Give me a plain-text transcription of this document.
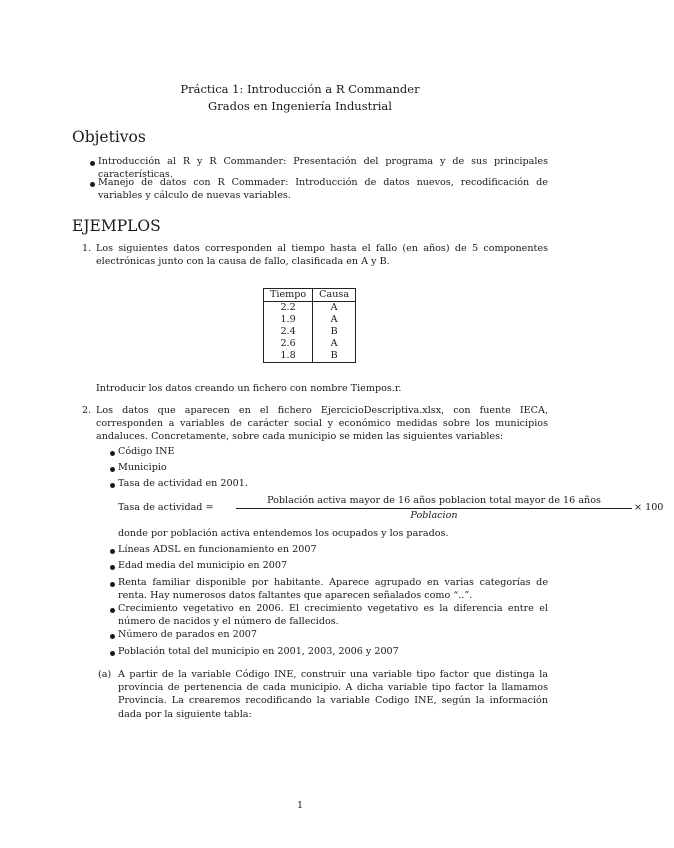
Práctica 1: Introducción a R Commander
Grados en Ingeniería Industrial
Objetivos
Introducción al R y R Commander: Presentación del programa y de sus principales características.
Manejo de datos con R Commader: Introducción de datos nuevos, recodificación de variables y cálculo de nuevas variables.
EJEMPLOS
1. Los siguientes datos corresponden al tiempo hasta el fallo (en años) de 5 componentes electrónicas junto con la causa de fallo, clasificada en A y B.
Tiempo	Causa
2.2	A
1.9	A
2.4	B
2.6	A
1.8	B
Introducir los datos creando un fichero con nombre Tiempos.r.
2. Los datos que aparecen en el fichero EjercicioDescriptiva.xlsx, con fuente IECA, corresponden a variables de carácter social y económico medidas sobre los municipios andaluces. Concretamente, sobre cada municipio se miden las siguientes variables:
Código INE
Municipio
Tasa de actividad en 2001.
Tasa de actividad =
Población activa mayor de 16 años poblacion total mayor de 16 años
Poblacion
× 100
donde por población activa entendemos los ocupados y los parados.
Líneas ADSL en funcionamiento en 2007
Edad media del municipio en 2007
Renta familiar disponible por habitante. Aparece agrupado en varias categorías de renta. Hay numerosos datos faltantes que aparecen señalados como “..”.
Crecimiento vegetativo en 2006. El crecimiento vegetativo es la diferencia entre el número de nacidos y el número de fallecidos.
Número de parados en 2007
Población total del municipio en 2001, 2003, 2006 y 2007
(a) A partir de la variable Código INE, construir una variable tipo factor que distinga la provincia de pertenencia de cada municipio. A dicha variable tipo factor la llamamos Provincia. La crearemos recodificando la variable Codigo INE, según la información dada por la siguiente tabla:
1
